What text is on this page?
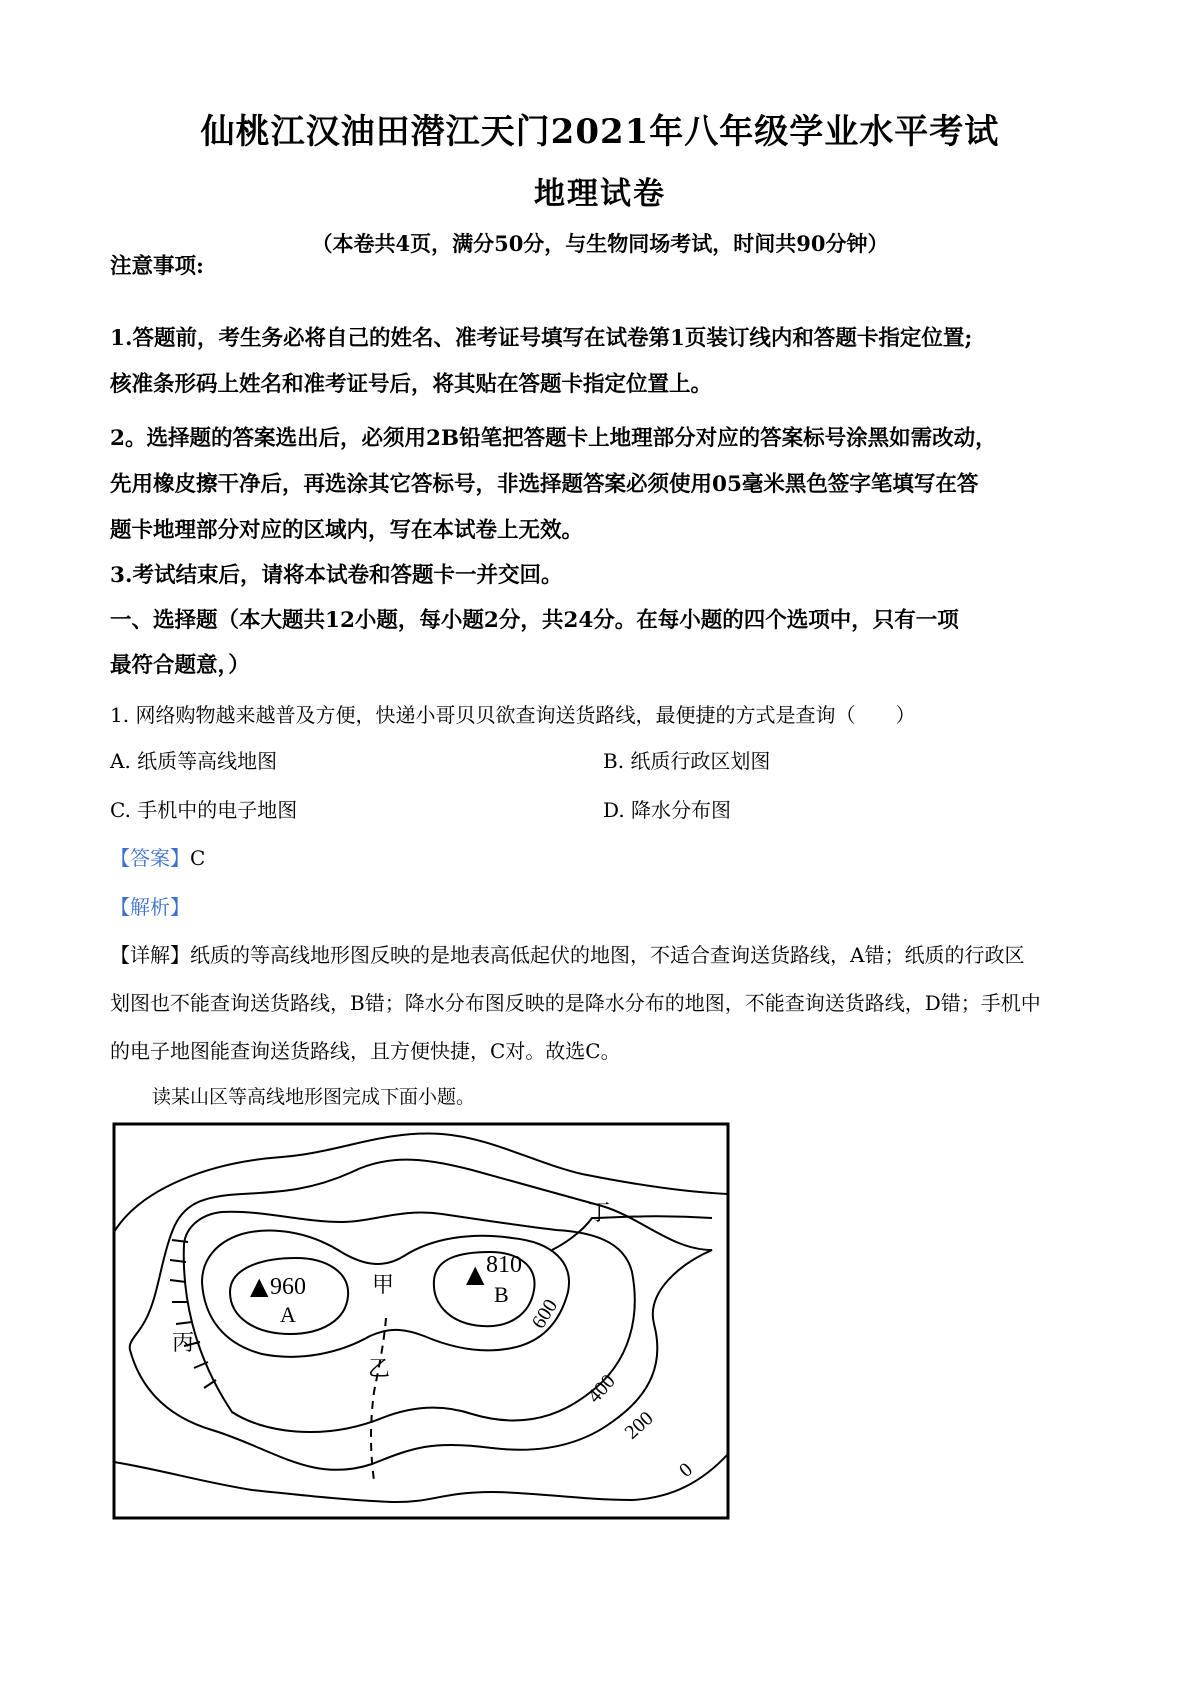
仙桃江汉油田潜江天门2021年八年级学业水平考试
地理试卷
（本卷共4页，满分50分，与生物同场考试，时间共90分钟）
注意事项:
1.答题前，考生务必将自己的姓名、准考证号填写在试卷第1页装订线内和答题卡指定位置;
核准条形码上姓名和准考证号后，将其贴在答题卡指定位置上。
2。选择题的答案选出后，必须用2B铅笔把答题卡上地理部分对应的答案标号涂黑如需改动，
先用橡皮擦干净后，再选涂其它答标号，非选择题答案必须使用05毫米黑色签字笔填写在答
题卡地理部分对应的区域内，写在本试卷上无效。
3.考试结束后，请将本试卷和答题卡一并交回。
一、选择题（本大题共12小题，每小题2分，共24分。在每小题的四个选项中，只有一项
最符合题意，）
1. 网络购物越来越普及方便，快递小哥贝贝欲查询送货路线，最便捷的方式是查询（　　）
A. 纸质等高线地图	B. 纸质行政区划图
C. 手机中的电子地图	D. 降水分布图
【答案】C
【解析】
【详解】纸质的等高线地形图反映的是地表高低起伏的地图，不适合查询送货路线，A错；纸质的行政区
划图也不能查询送货路线，B错；降水分布图反映的是降水分布的地图，不能查询送货路线，D错；手机中
的电子地图能查询送货路线，且方便快捷，C对。故选C。
读某山区等高线地形图完成下面小题。
▲ 960
A
▲ 810
B
甲
乙
丙
丁
600
400
200
0
